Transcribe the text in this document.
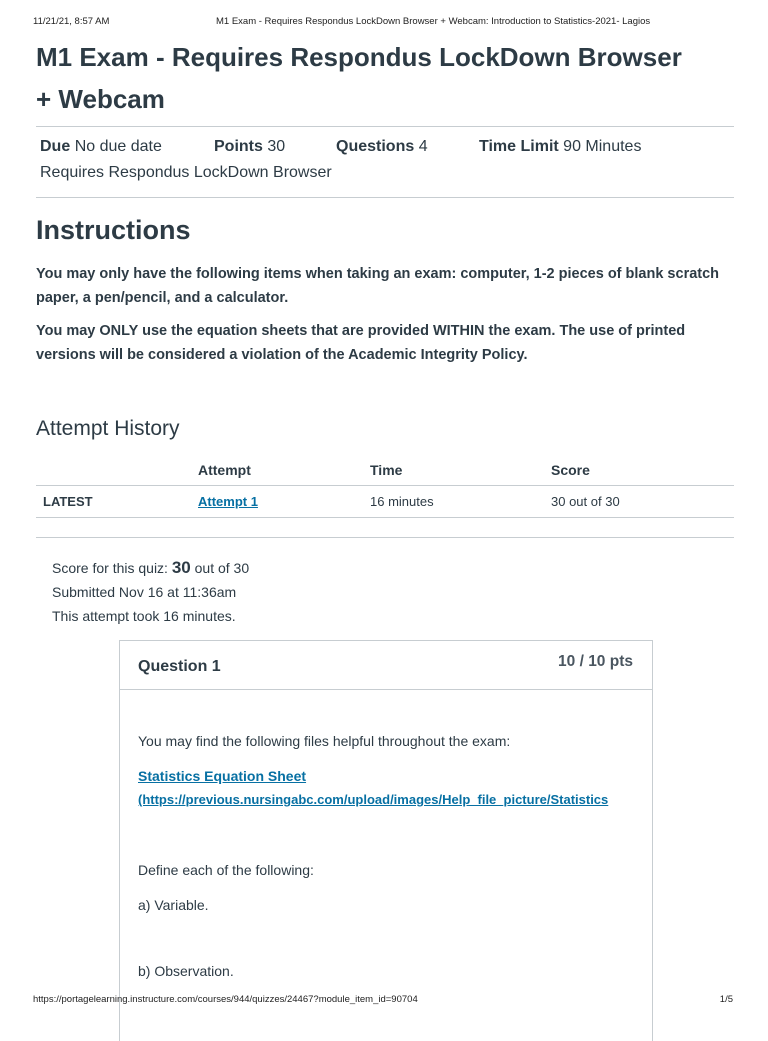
11/21/21, 8:57 AM	M1 Exam - Requires Respondus LockDown Browser + Webcam: Introduction to Statistics-2021- Lagios
M1 Exam - Requires Respondus LockDown Browser
+ Webcam
Due No due date	Points 30	Questions 4	Time Limit 90 Minutes
Requires Respondus LockDown Browser
Instructions

You may only have the following items when taking an exam: computer, 1-2 pieces of blank scratch paper, a pen/pencil, and a calculator.

You may ONLY use the equation sheets that are provided WITHIN the exam. The use of printed versions will be considered a violation of the Academic Integrity Policy.

Attempt History
	Attempt	Time	Score
LATEST	Attempt 1	16 minutes	30 out of 30
Score for this quiz: 30 out of 30
Submitted Nov 16 at 11:36am
This attempt took 16 minutes.
Question 1	10 / 10 pts
You may find the following files helpful throughout the exam:
Statistics Equation Sheet
(https://previous.nursingabc.com/upload/images/Help_file_picture/Statistics
Define each of the following:
a) Variable.
b) Observation.
https://portagelearning.instructure.com/courses/944/quizzes/24467?module_item_id=90704	1/5
